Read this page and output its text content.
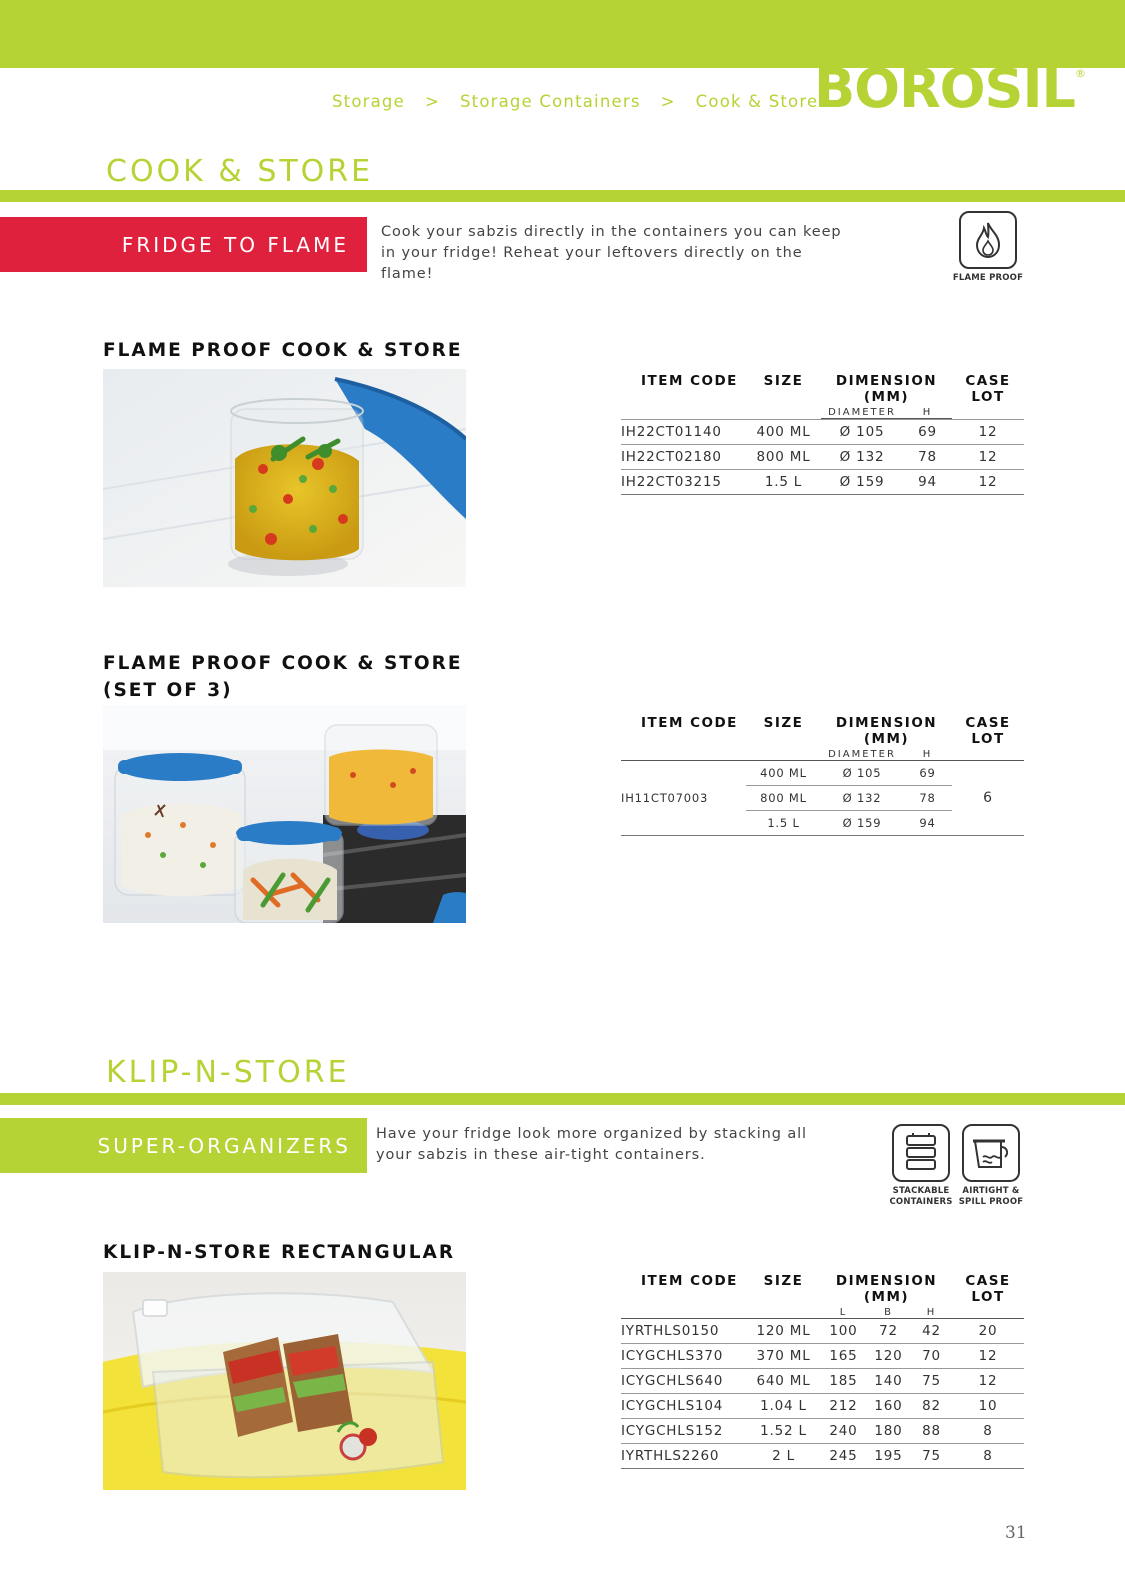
Storage > Storage Containers > Cook & Store
BOROSIL ®
COOK & STORE
FRIDGE TO FLAME

Cook your sabzis directly in the containers you can keep in your fridge! Reheat your leftovers directly on the flame!	FLAME PROOF
FLAME PROOF COOK & STORE
ITEM CODE	SIZE	DIMENSION (MM)		CASE LOT
		DIAMETER	H	

IH22CT01140	400 ML	Ø 105	69	12
IH22CT02180	800 ML	Ø 132	78	12
IH22CT03215	1.5 L	Ø 159	94	12
FLAME PROOF COOK & STORE
(SET OF 3)
ITEM CODE	SIZE	DIMENSION (MM)		CASE LOT
		DIAMETER	H	
IH11CT07003	400 ML	Ø 105	69	6
	800 ML	Ø 132	78	
	1.5 L	Ø 159	94	

KLIP-N-STORE
SUPER-ORGANIZERS Have your fridge look more organized by stacking all your sabzis in these air-tight containers.

STACKABLE
CONTAINERS
AIRTIGHT &
SPILL PROOF
KLIP-N-STORE RECTANGULAR
ITEM CODE	SIZE	DIMENSION (MM)			CASE LOT
		L	B	H	
IYRTHLS0150	120 ML	100	72	42	20
ICYGCHLS370	370 ML	165	120	70	12
ICYGCHLS640	640 ML	185	140	75	12
ICYGCHLS104	1.04 L	212	160	82	10
ICYGCHLS152	1.52 L	240	180	88	8
IYRTHLS2260	2 L	245	195	75	8
31
